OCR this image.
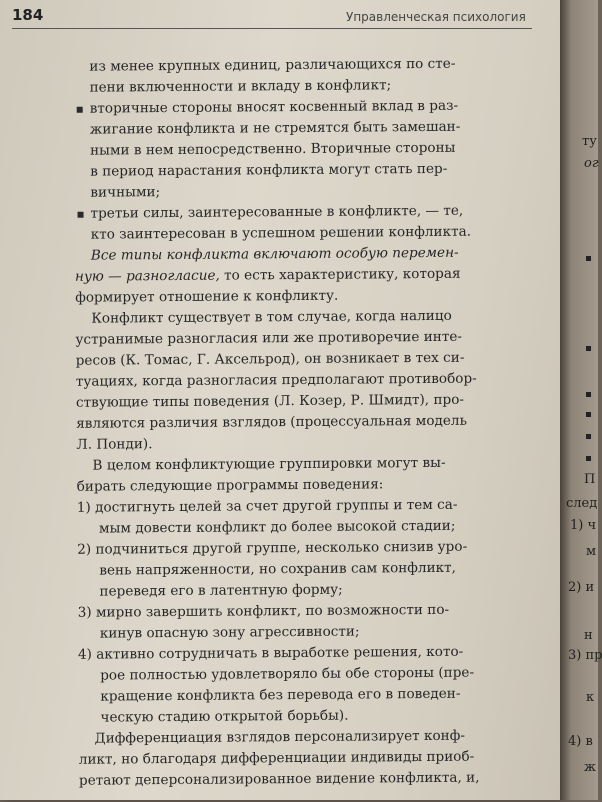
184	Управленческая психология
из менее крупных единиц, различающихся по сте-
пени включенности и вкладу в конфликт;
вторичные стороны вносят косвенный вклад в раз-
жигание конфликта и не стремятся быть замешан-
ными в нем непосредственно. Вторичные стороны
в период нарастания конфликта могут стать пер-
вичными;
третьи силы, заинтересованные в конфликте, — те,
кто заинтересован в успешном решении конфликта.
Все типы конфликта включают особую перемен-
ную — разногласие, то есть характеристику, которая
формирует отношение к конфликту.
Конфликт существует в том случае, когда налицо
устранимые разногласия или же противоречие инте-
ресов (К. Томас, Г. Аксельрод), он возникает в тех си-
туациях, когда разногласия предполагают противобор-
ствующие типы поведения (Л. Козер, Р. Шмидт), про-
являются различия взглядов (процессуальная модель
Л. Понди).
В целом конфликтующие группировки могут вы-
бирать следующие программы поведения:
1) достигнуть целей за счет другой группы и тем са-
мым довести конфликт до более высокой стадии;
2) подчиниться другой группе, несколько снизив уро-
вень напряженности, но сохранив сам конфликт,
переведя его в латентную форму;
3) мирно завершить конфликт, по возможности по-
кинув опасную зону агрессивности;
4) активно сотрудничать в выработке решения, кото-
рое полностью удовлетворяло бы обе стороны (пре-
кращение конфликта без перевода его в поведен-
ческую стадию открытой борьбы).
Дифференциация взглядов персонализирует конф-
ликт, но благодаря дифференциации индивиды приоб-
ретают деперсонализированное видение конфликта, и,
ту
ог
П
след
1) ч
м
2) и
н
3) пр
к
4) в
ж
